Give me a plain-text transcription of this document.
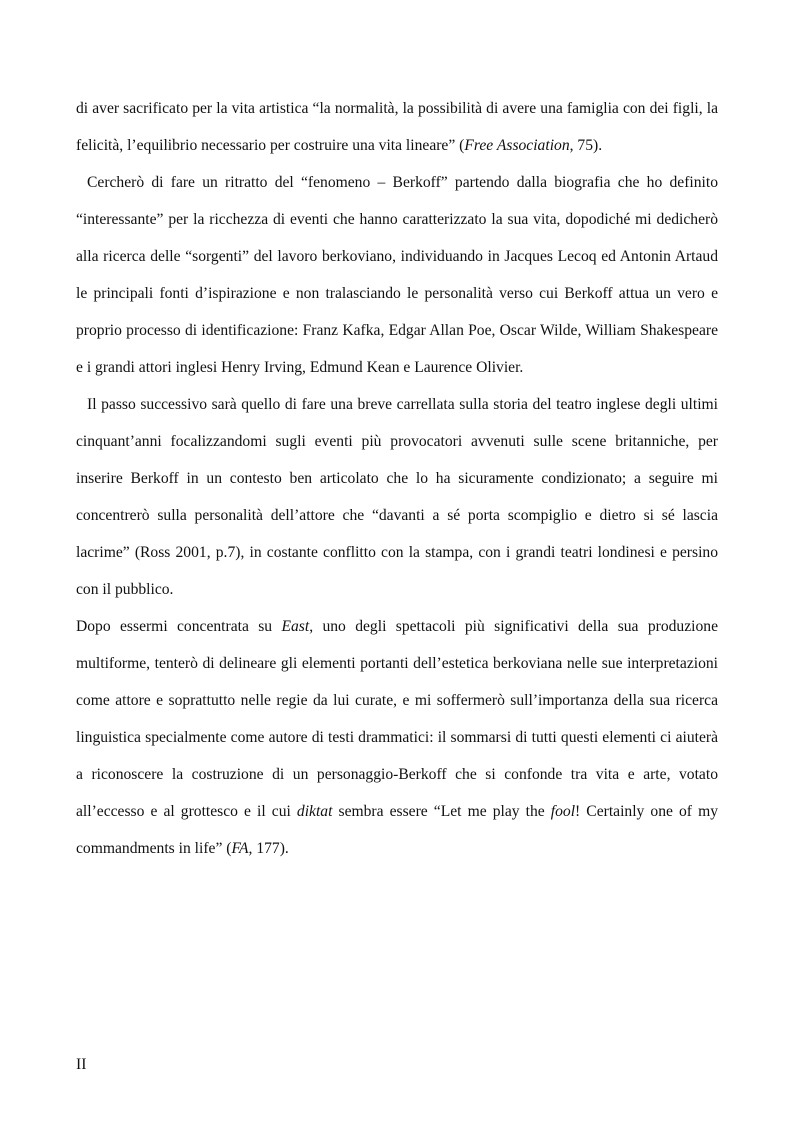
di aver sacrificato per la vita artistica “la normalità, la possibilità di avere una famiglia con dei figli, la felicità, l’equilibrio necessario per costruire una vita lineare” (Free Association, 75).

Cercherò di fare un ritratto del “fenomeno – Berkoff” partendo dalla biografia che ho definito “interessante” per la ricchezza di eventi che hanno caratterizzato la sua vita, dopodiché mi dedicherò alla ricerca delle “sorgenti” del lavoro berkoviano, individuando in Jacques Lecoq ed Antonin Artaud le principali fonti d’ispirazione e non tralasciando le personalità verso cui Berkoff attua un vero e proprio processo di identificazione: Franz Kafka, Edgar Allan Poe, Oscar Wilde, William Shakespeare e i grandi attori inglesi Henry Irving, Edmund Kean e Laurence Olivier.

Il passo successivo sarà quello di fare una breve carrellata sulla storia del teatro inglese degli ultimi cinquant’anni focalizzandomi sugli eventi più provocatori avvenuti sulle scene britanniche, per inserire Berkoff in un contesto ben articolato che lo ha sicuramente condizionato; a seguire mi concentrerò sulla personalità dell’attore che “davanti a sé porta scompiglio e dietro si sé lascia lacrime” (Ross 2001, p.7), in costante conflitto con la stampa, con i grandi teatri londinesi e persino con il pubblico.

Dopo essermi concentrata su East, uno degli spettacoli più significativi della sua produzione multiforme, tenterò di delineare gli elementi portanti dell’estetica berkoviana nelle sue interpretazioni come attore e soprattutto nelle regie da lui curate, e mi soffermerò sull’importanza della sua ricerca linguistica specialmente come autore di testi drammatici: il sommarsi di tutti questi elementi ci aiuterà a riconoscere la costruzione di un personaggio-Berkoff che si confonde tra vita e arte, votato all’eccesso e al grottesco e il cui diktat sembra essere “Let me play the fool! Certainly one of my commandments in life” (FA, 177).

II
